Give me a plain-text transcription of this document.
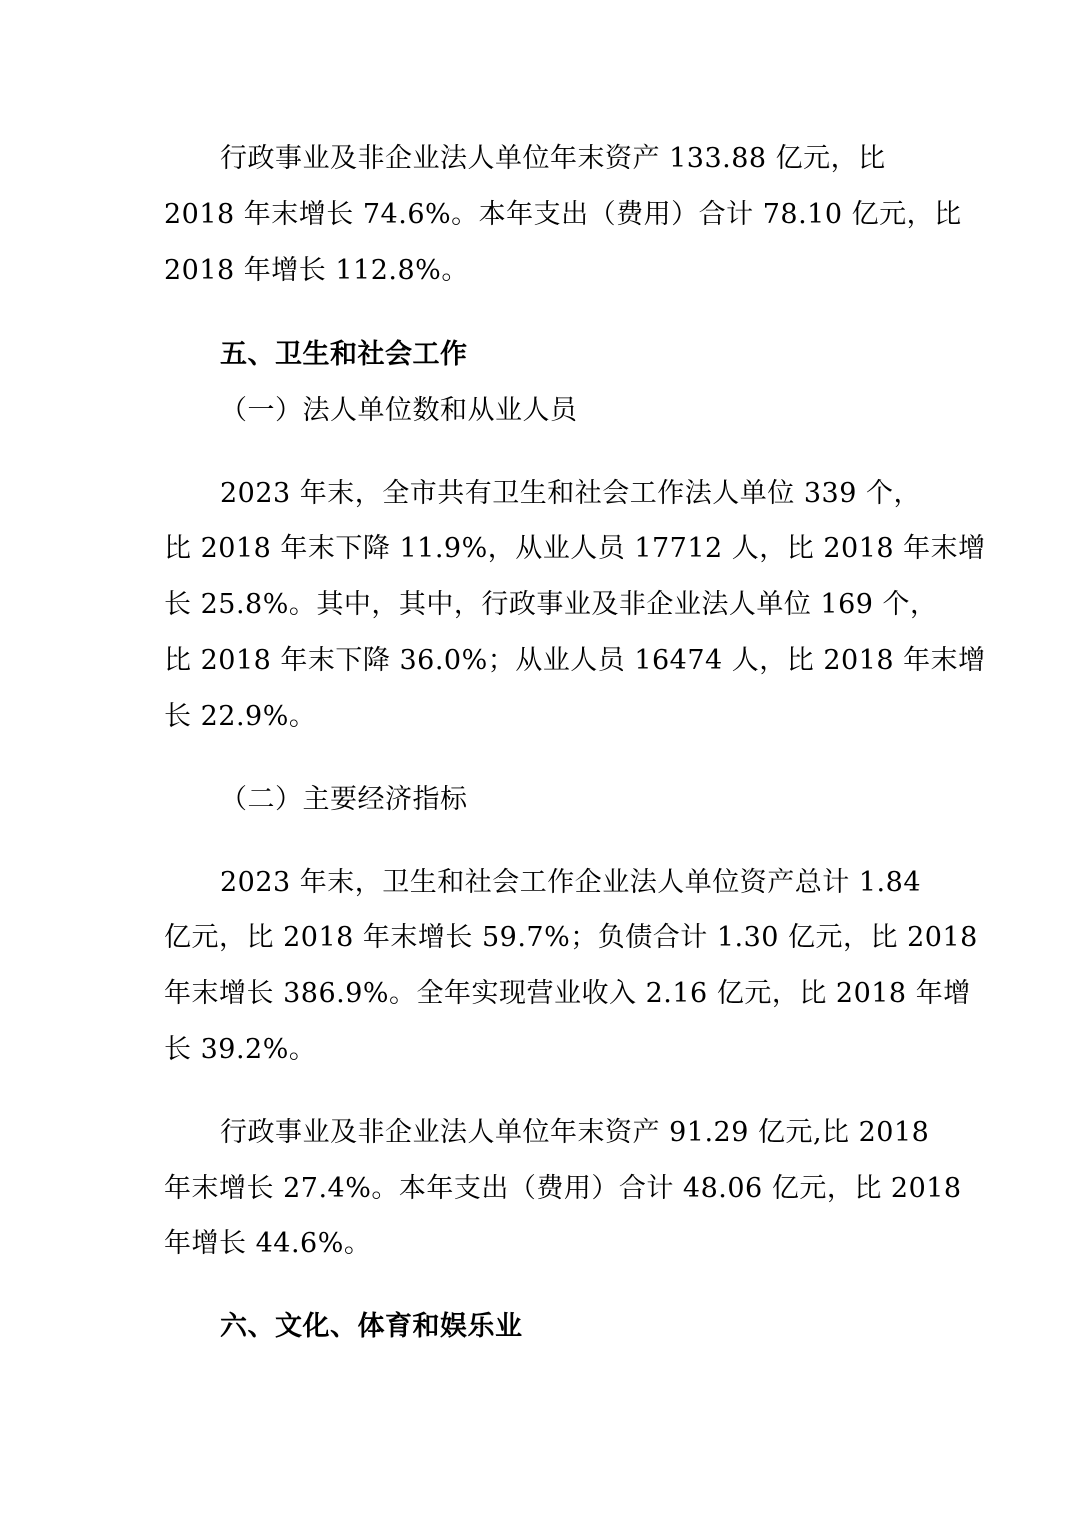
行政事业及非企业法人单位年末资产 133.88 亿元，比
2018 年末增长 74.6%。本年支出（费用）合计 78.10 亿元，比
2018 年增长 112.8%。
五、卫生和社会工作
（一）法人单位数和从业人员
2023 年末，全市共有卫生和社会工作法人单位 339 个，
比 2018 年末下降 11.9%，从业人员 17712 人，比 2018 年末增
长 25.8%。其中，其中，行政事业及非企业法人单位 169 个，
比 2018 年末下降 36.0%；从业人员 16474 人，比 2018 年末增
长 22.9%。
（二）主要经济指标
2023 年末，卫生和社会工作企业法人单位资产总计 1.84
亿元，比 2018 年末增长 59.7%；负债合计 1.30 亿元，比 2018
年末增长 386.9%。全年实现营业收入 2.16 亿元，比 2018 年增
长 39.2%。
行政事业及非企业法人单位年末资产 91.29 亿元,比 2018
年末增长 27.4%。本年支出（费用）合计 48.06 亿元，比 2018
年增长 44.6%。
六、文化、体育和娱乐业
